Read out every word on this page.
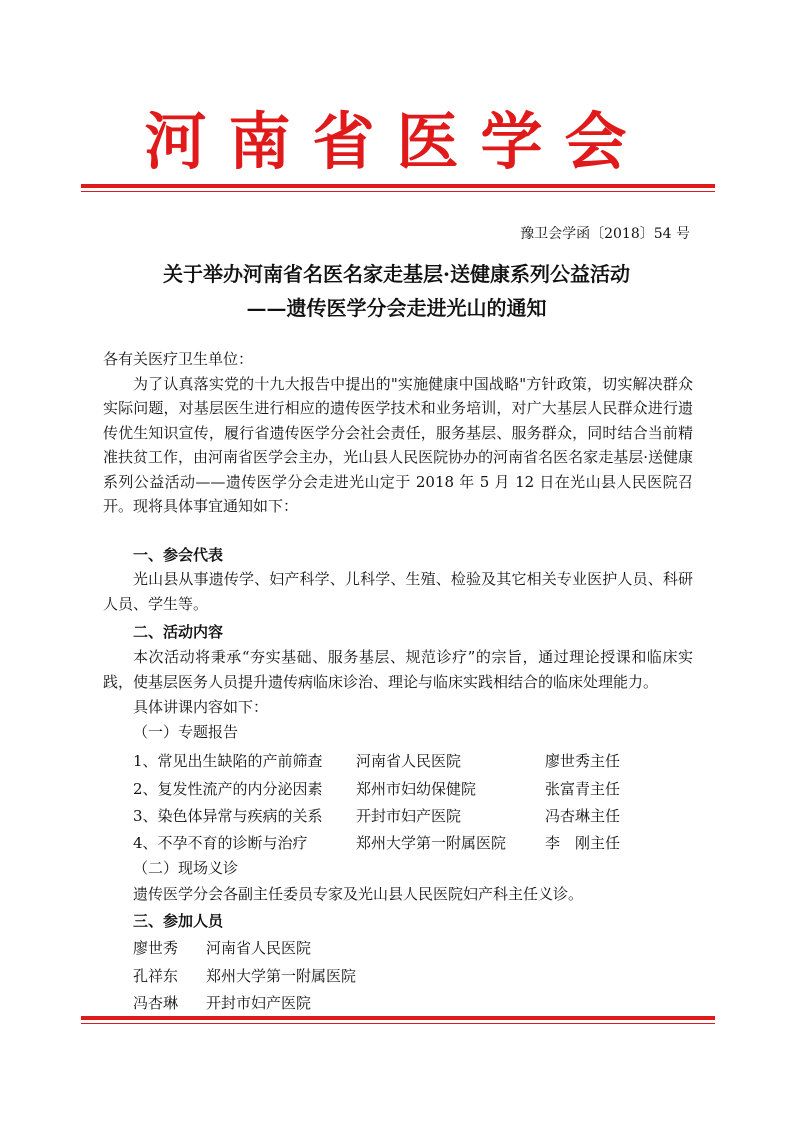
河南省医学会
豫卫会学函〔2018〕54 号
关于举办河南省名医名家走基层·送健康系列公益活动
——遗传医学分会走进光山的通知

各有关医疗卫生单位：

为了认真落实党的十九大报告中提出的"实施健康中国战略"方针政策，切实解决群众实际问题，对基层医生进行相应的遗传医学技术和业务培训，对广大基层人民群众进行遗传优生知识宣传，履行省遗传医学分会社会责任，服务基层、服务群众，同时结合当前精准扶贫工作，由河南省医学会主办，光山县人民医院协办的河南省名医名家走基层·送健康系列公益活动——遗传医学分会走进光山定于 2018 年 5 月 12 日在光山县人民医院召开。现将具体事宜通知如下：

一、参会代表

光山县从事遗传学、妇产科学、儿科学、生殖、检验及其它相关专业医护人员、科研人员、学生等。

二、活动内容

本次活动将秉承“夯实基础、服务基层、规范诊疗”的宗旨，通过理论授课和临床实践，使基层医务人员提升遗传病临床诊治、理论与临床实践相结合的临床处理能力。

具体讲课内容如下：
（一）专题报告
1、常见出生缺陷的产前筛查 河南省人民医院	廖世秀主任
2、复发性流产的内分泌因素 郑州市妇幼保健院	张富青主任
3、染色体异常与疾病的关系 开封市妇产医院	冯杏琳主任
4、不孕不育的诊断与治疗	郑州大学第一附属医院	李　刚主任
（二）现场义诊
遗传医学分会各副主任委员专家及光山县人民医院妇产科主任义诊。
三、参加人员
廖世秀 河南省人民医院
孔祥东 郑州大学第一附属医院
冯杏琳 开封市妇产医院
